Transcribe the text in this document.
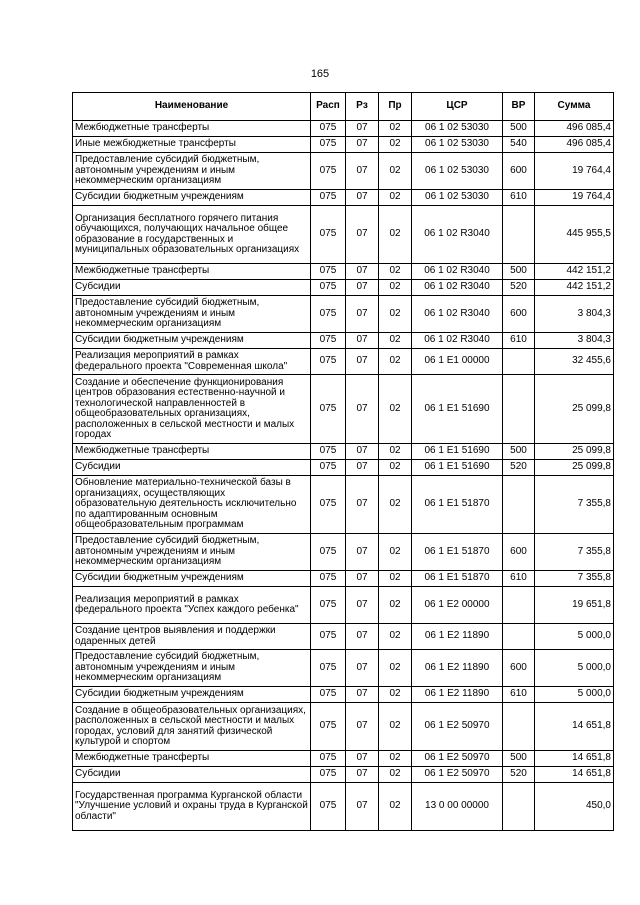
165
Наименование	Расп	Рз	Пр	ЦСР	ВР	Сумма
Межбюджетные трансферты	075	07	02	06 1 02 53030	500	496 085,4
Иные межбюджетные трансферты	075	07	02	06 1 02 53030	540	496 085,4
Предоставление субсидий бюджетным, автономным учреждениям и иным некоммерческим организациям	075	07	02	06 1 02 53030	600	19 764,4
Субсидии бюджетным учреждениям	075	07	02	06 1 02 53030	610	19 764,4
Организация бесплатного горячего питания обучающихся, получающих начальное общее образование в государственных и муниципальных образовательных организациях	075	07	02	06 1 02 R3040		445 955,5
Межбюджетные трансферты	075	07	02	06 1 02 R3040	500	442 151,2
Субсидии	075	07	02	06 1 02 R3040	520	442 151,2
Предоставление субсидий бюджетным, автономным учреждениям и иным некоммерческим организациям	075	07	02	06 1 02 R3040	600	3 804,3
Субсидии бюджетным учреждениям	075	07	02	06 1 02 R3040	610	3 804,3
Реализация мероприятий в рамках федерального проекта "Современная школа"	075	07	02	06 1 E1 00000		32 455,6
Создание и обеспечение функционирования центров образования естественно-научной и технологической направленностей в общеобразовательных организациях, расположенных в сельской местности и малых городах	075	07	02	06 1 E1 51690		25 099,8
Межбюджетные трансферты	075	07	02	06 1 E1 51690	500	25 099,8
Субсидии	075	07	02	06 1 E1 51690	520	25 099,8
Обновление материально-технической базы в организациях, осуществляющих образовательную деятельность исключительно по адаптированным основным общеобразовательным программам	075	07	02	06 1 E1 51870		7 355,8
Предоставление субсидий бюджетным, автономным учреждениям и иным некоммерческим организациям	075	07	02	06 1 E1 51870	600	7 355,8
Субсидии бюджетным учреждениям	075	07	02	06 1 E1 51870	610	7 355,8
Реализация мероприятий в рамках федерального проекта "Успех каждого ребенка"	075	07	02	06 1 E2 00000		19 651,8
Создание центров выявления и поддержки одаренных детей	075	07	02	06 1 E2 11890		5 000,0
Предоставление субсидий бюджетным, автономным учреждениям и иным некоммерческим организациям	075	07	02	06 1 E2 11890	600	5 000,0
Субсидии бюджетным учреждениям	075	07	02	06 1 E2 11890	610	5 000,0
Создание в общеобразовательных организациях, расположенных в сельской местности и малых городах, условий для занятий физической культурой и спортом	075	07	02	06 1 E2 50970		14 651,8
Межбюджетные трансферты	075	07	02	06 1 E2 50970	500	14 651,8
Субсидии	075	07	02	06 1 E2 50970	520	14 651,8
Государственная программа Курганской области "Улучшение условий и охраны труда в Курганской области"	075	07	02	13 0 00 00000		450,0
